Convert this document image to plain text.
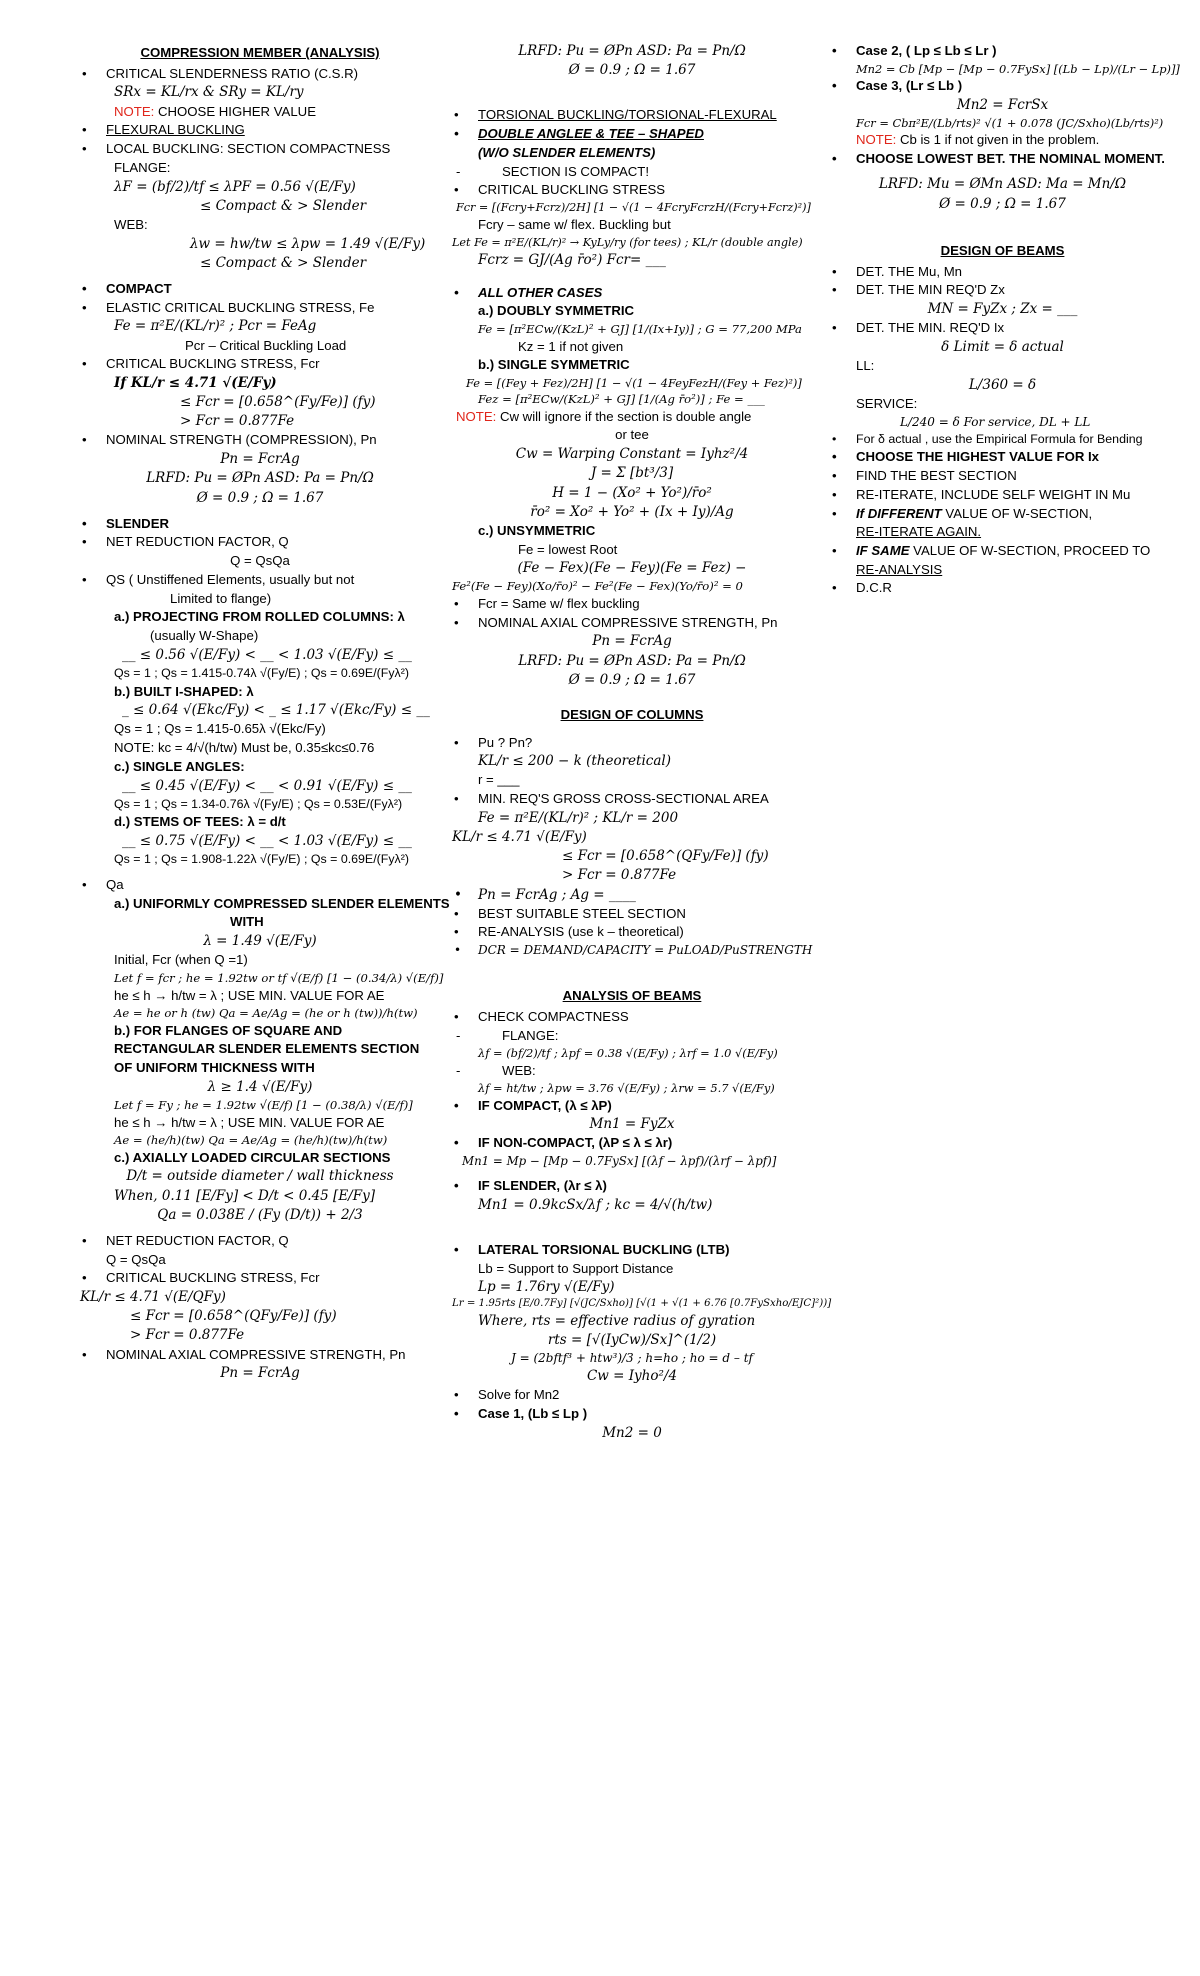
COMPRESSION MEMBER (ANALYSIS)
• CRITICAL SLENDERNESS RATIO (C.S.R)
SRx = KL/rx & SRy = KL/ry
NOTE: CHOOSE HIGHER VALUE
• FLEXURAL BUCKLING
• LOCAL BUCKLING: SECTION COMPACTNESS
FLANGE:
λF = (bf/2)/tf ≤ λPF = 0.56 √(E/Fy)
≤ Compact & > Slender
WEB:
λw = hw/tw ≤ λpw = 1.49 √(E/Fy)
≤ Compact & > Slender
• COMPACT
• ELASTIC CRITICAL BUCKLING STRESS, Fe
Fe = π²E/(KL/r)² ; Pcr = FeAg
Pcr – Critical Buckling Load
• CRITICAL BUCKLING STRESS, Fcr
If KL/r ≤ 4.71 √(E/Fy)
≤ Fcr = [0.658^(Fy/Fe)] (fy)
> Fcr = 0.877Fe
• NOMINAL STRENGTH (COMPRESSION), Pn
Pn = FcrAg
LRFD: Pu = ØPn ASD: Pa = Pn/Ω
Ø = 0.9 ; Ω = 1.67
• SLENDER
• NET REDUCTION FACTOR, Q
Q = QsQa
• QS ( Unstiffened Elements, usually but not
Limited to flange)
a.) PROJECTING FROM ROLLED COLUMNS: λ
(usually W-Shape)
__ ≤ 0.56 √(E/Fy) < __ < 1.03 √(E/Fy) ≤ __
Qs = 1 ; Qs = 1.415-0.74λ √(Fy/E) ; Qs = 0.69E/(Fyλ²)
b.) BUILT I-SHAPED: λ
_ ≤ 0.64 √(Ekc/Fy) < _ ≤ 1.17 √(Ekc/Fy) ≤ __
Qs = 1 ; Qs = 1.415-0.65λ √(Ekc/Fy)
NOTE: kc = 4/√(h/tw) Must be, 0.35≤kc≤0.76
c.) SINGLE ANGLES:
__ ≤ 0.45 √(E/Fy) < __ < 0.91 √(E/Fy) ≤ __
Qs = 1 ; Qs = 1.34-0.76λ √(Fy/E) ; Qs = 0.53E/(Fyλ²)
d.) STEMS OF TEES: λ = d/t
__ ≤ 0.75 √(E/Fy) < __ < 1.03 √(E/Fy) ≤ __
Qs = 1 ; Qs = 1.908-1.22λ √(Fy/E) ; Qs = 0.69E/(Fyλ²)
• Qa
a.) UNIFORMLY COMPRESSED SLENDER ELEMENTS
WITH
λ = 1.49 √(E/Fy)
Initial, Fcr (when Q =1)
Let f = fcr ; he = 1.92tw or tf √(E/f) [1 − (0.34/λ) √(E/f)]
he ≤ h → h/tw = λ ; USE MIN. VALUE FOR AE
Ae = he or h (tw) Qa = Ae/Ag = (he or h (tw))/h(tw)
b.) FOR FLANGES OF SQUARE AND RECTANGULAR SLENDER ELEMENTS SECTION OF UNIFORM THICKNESS WITH
λ ≥ 1.4 √(E/Fy)
Let f = Fy ; he = 1.92tw √(E/f) [1 − (0.38/λ) √(E/f)]
he ≤ h → h/tw = λ ; USE MIN. VALUE FOR AE
Ae = (he/h)(tw) Qa = Ae/Ag = (he/h)(tw)/h(tw)
c.) AXIALLY LOADED CIRCULAR SECTIONS
D/t = outside diameter / wall thickness
When, 0.11 [E/Fy] < D/t < 0.45 [E/Fy]
Qa = 0.038E / (Fy (D/t)) + 2/3
• NET REDUCTION FACTOR, Q
Q = QsQa
• CRITICAL BUCKLING STRESS, Fcr
KL/r ≤ 4.71 √(E/QFy)
≤ Fcr = [0.658^(QFy/Fe)] (fy)
> Fcr = 0.877Fe
• NOMINAL AXIAL COMPRESSIVE STRENGTH, Pn
Pn = FcrAg
LRFD: Pu = ØPn ASD: Pa = Pn/Ω
Ø = 0.9 ; Ω = 1.67
• TORSIONAL BUCKLING/TORSIONAL-FLEXURAL
• DOUBLE ANGLEE & TEE – SHAPED
(W/O SLENDER ELEMENTS)
- SECTION IS COMPACT!
• CRITICAL BUCKLING STRESS
Fcr = [(Fcry+Fcrz)/2H] [1 − √(1 − 4FcryFcrzH/(Fcry+Fcrz)²)]
Fcry – same w/ flex. Buckling but
Let Fe = π²E/(KL/r)² → KyLy/ry (for tees) ; KL/r (double angle)
Fcrz = GJ/(Ag r̄o²) Fcr= ___
• ALL OTHER CASES
a.) DOUBLY SYMMETRIC
Fe = [π²ECw/(KzL)² + GJ] [1/(Ix+Iy)] ; G = 77,200 MPa
Kz = 1 if not given
b.) SINGLE SYMMETRIC
Fe = [(Fey + Fez)/2H] [1 − √(1 − 4FeyFezH/(Fey + Fez)²)]
Fez = [π²ECw/(KzL)² + GJ] [1/(Ag r̄o²)] ; Fe = ___
NOTE: Cw will ignore if the section is double angle
or tee
Cw = Warping Constant = Iyhz²/4
J = Σ [bt³/3]
H = 1 − (Xo² + Yo²)/r̄o²
r̄o² = Xo² + Yo² + (Ix + Iy)/Ag
c.) UNSYMMETRIC
Fe = lowest Root
(Fe − Fex)(Fe − Fey)(Fe = Fez) −
Fe²(Fe − Fey)(Xo/r̄o)² − Fe²(Fe − Fex)(Yo/r̄o)² = 0
• Fcr = Same w/ flex buckling
• NOMINAL AXIAL COMPRESSIVE STRENGTH, Pn
Pn = FcrAg
LRFD: Pu = ØPn ASD: Pa = Pn/Ω
Ø = 0.9 ; Ω = 1.67
DESIGN OF COLUMNS
• Pu ? Pn?
KL/r ≤ 200 − k (theoretical)
r = ___
• MIN. REQ'S GROSS CROSS-SECTIONAL AREA
Fe = π²E/(KL/r)² ; KL/r = 200
KL/r ≤ 4.71 √(E/Fy)
≤ Fcr = [0.658^(QFy/Fe)] (fy)
> Fcr = 0.877Fe
• Pn = FcrAg ; Ag = ____
• BEST SUITABLE STEEL SECTION
• RE-ANALYSIS (use k – theoretical)
• DCR = DEMAND/CAPACITY = PuLOAD/PuSTRENGTH
ANALYSIS OF BEAMS
• CHECK COMPACTNESS
- FLANGE:
λf = (bf/2)/tf ; λpf = 0.38 √(E/Fy) ; λrf = 1.0 √(E/Fy)
- WEB:
λf = ht/tw ; λpw = 3.76 √(E/Fy) ; λrw = 5.7 √(E/Fy)
• IF COMPACT, (λ ≤ λP)
Mn1 = FyZx
• IF NON-COMPACT, (λP ≤ λ ≤ λr)
Mn1 = Mp − [Mp − 0.7FySx] [(λf − λpf)/(λrf − λpf)]
• IF SLENDER, (λr ≤ λ)
Mn1 = 0.9kcSx/λf ; kc = 4/√(h/tw)
• LATERAL TORSIONAL BUCKLING (LTB)
Lb = Support to Support Distance
Lp = 1.76ry √(E/Fy)
Lr = 1.95rts [E/0.7Fy] [√(JC/Sxho)] [√(1 + √(1 + 6.76 [0.7FySxho/EJC]²))]
Where, rts = effective radius of gyration
rts = [√(IyCw)/Sx]^(1/2)
J = (2bftf³ + htw³)/3 ; h=ho ; ho = d – tf
Cw = Iyho²/4
• Solve for Mn2
• Case 1, (Lb ≤ Lp )
Mn2 = 0
• Case 2, ( Lp ≤ Lb ≤ Lr )
Mn2 = Cb [Mp − [Mp − 0.7FySx] [(Lb − Lp)/(Lr − Lp)]]
• Case 3, (Lr ≤ Lb )
Mn2 = FcrSx
Fcr = Cbπ²E/(Lb/rts)² √(1 + 0.078 (JC/Sxho)(Lb/rts)²)
NOTE: Cb is 1 if not given in the problem.
• CHOOSE LOWEST BET. THE NOMINAL MOMENT.
LRFD: Mu = ØMn ASD: Ma = Mn/Ω
Ø = 0.9 ; Ω = 1.67
DESIGN OF BEAMS
• DET. THE Mu, Mn
• DET. THE MIN REQ'D Zx
MN = FyZx ; Zx = ___
• DET. THE MIN. REQ'D Ix
δ Limit = δ actual
LL:
L/360 = δ
SERVICE:
L/240 = δ For service, DL + LL
• For δ actual , use the Empirical Formula for Bending
• CHOOSE THE HIGHEST VALUE FOR Ix
• FIND THE BEST SECTION
• RE-ITERATE, INCLUDE SELF WEIGHT IN Mu
• If DIFFERENT VALUE OF W-SECTION,
RE-ITERATE AGAIN.
• IF SAME VALUE OF W-SECTION, PROCEED TO
RE-ANALYSIS
• D.C.R
